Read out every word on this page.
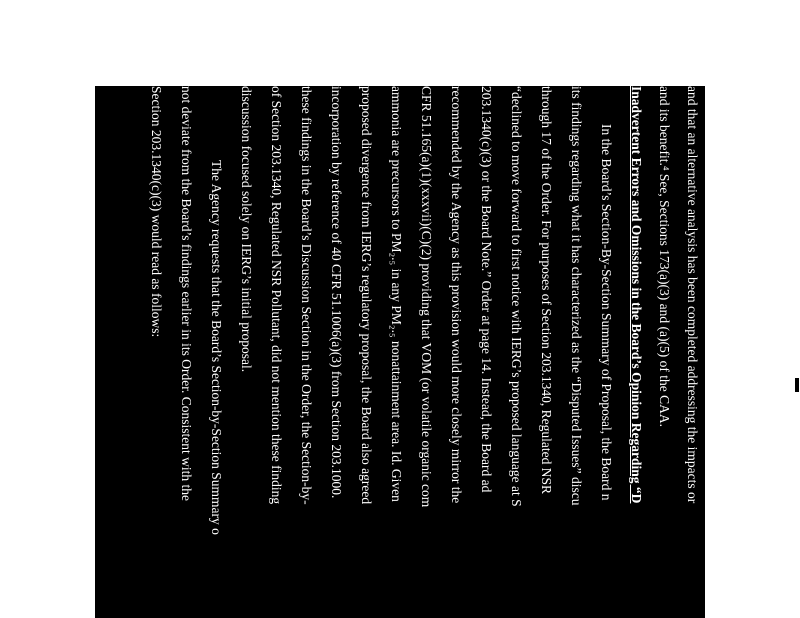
and that an alternative analysis has been completed addressing the impacts or
and its benefit.⁴ See, Sections 173(a)(3) and (a)(5) of the CAA.
Inadvertent Errors and Omissions in the Board’s Opinion Regarding “D
In the Board’s Section-By-Section Summary of Proposal, the Board n
its findings regarding what it has characterized as the “Disputed Issues” discu
through 17 of the Order. For purposes of Section 203.1340, Regulated NSR
“declined to move forward to first notice with IERG’s proposed language at S
203.1340(c)(3) or the Board Note.” Order at page 14. Instead, the Board ad
recommended by the Agency as this provision would more closely mirror the
CFR 51.165(a)(1)(xxxvii)(C)(2) providing that VOM (or volatile organic com
ammonia are precursors to PM₂.₅ in any PM₂.₅ nonattainment area. Id. Given
proposed divergence from IERG’s regulatory proposal, the Board also agreed
incorporation by reference of 40 CFR 51.1006(a)(3) from Section 203.1000.
these findings in the Board’s Discussion Section in the Order, the Section-by-
of Section 203.1340, Regulated NSR Pollutant, did not mention these finding
discussion focused solely on IERG’s initial proposal.
The Agency requests that the Board’s Section-by-Section Summary o
not deviate from the Board’s findings earlier in its Order. Consistent with the
Section 203.1340(c)(3) would read as follows:
